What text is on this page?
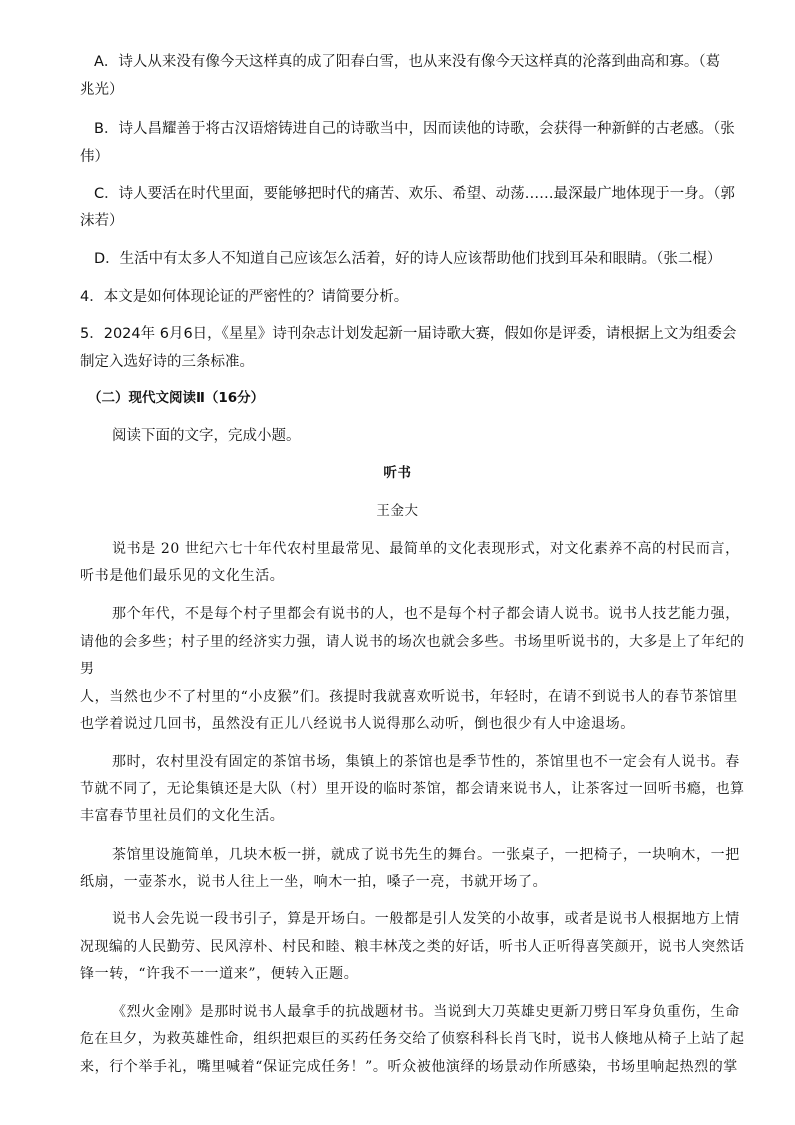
A．诗人从来没有像今天这样真的成了阳春白雪，也从来没有像今天这样真的沦落到曲高和寡。（葛
兆光）
B．诗人昌耀善于将古汉语熔铸进自己的诗歌当中，因而读他的诗歌，会获得一种新鲜的古老感。（张
伟）
C．诗人要活在时代里面，要能够把时代的痛苦、欢乐、希望、动荡……最深最广地体现于一身。（郭
沫若）
D．生活中有太多人不知道自己应该怎么活着，好的诗人应该帮助他们找到耳朵和眼睛。（张二棍）
4．本文是如何体现论证的严密性的？请简要分析。
5．2024年 6月6日，《星星》诗刊杂志计划发起新一届诗歌大赛，假如你是评委，请根据上文为组委会
制定入选好诗的三条标准。
（二）现代文阅读Ⅱ（16分）
阅读下面的文字，完成小题。
听书
王金大
说书是 20 世纪六七十年代农村里最常见、最简单的文化表现形式，对文化素养不高的村民而言，
听书是他们最乐见的文化生活。
那个年代，不是每个村子里都会有说书的人，也不是每个村子都会请人说书。说书人技艺能力强，
请他的会多些；村子里的经济实力强，请人说书的场次也就会多些。书场里听说书的，大多是上了年纪的
男
人，当然也少不了村里的“小皮猴”们。孩提时我就喜欢听说书，年轻时，在请不到说书人的春节茶馆里
也学着说过几回书，虽然没有正儿八经说书人说得那么动听，倒也很少有人中途退场。
那时，农村里没有固定的茶馆书场，集镇上的茶馆也是季节性的，茶馆里也不一定会有人说书。春
节就不同了，无论集镇还是大队（村）里开设的临时茶馆，都会请来说书人，让茶客过一回听书瘾，也算
丰富春节里社员们的文化生活。
茶馆里设施简单，几块木板一拼，就成了说书先生的舞台。一张桌子，一把椅子，一块响木，一把
纸扇，一壶茶水，说书人往上一坐，响木一拍，嗓子一亮，书就开场了。
说书人会先说一段书引子，算是开场白。一般都是引人发笑的小故事，或者是说书人根据地方上情
况现编的人民勤劳、民风淳朴、村民和睦、粮丰林茂之类的好话，听书人正听得喜笑颜开，说书人突然话
锋一转，“许我不一一道来”，便转入正题。
《烈火金刚》是那时说书人最拿手的抗战题材书。当说到大刀英雄史更新刀劈日军身负重伤，生命
危在旦夕，为救英雄性命，组织把艰巨的买药任务交给了侦察科科长肖飞时，说书人倏地从椅子上站了起
来，行个举手礼，嘴里喊着“保证完成任务！”。听众被他演绎的场景动作所感染，书场里响起热烈的掌
